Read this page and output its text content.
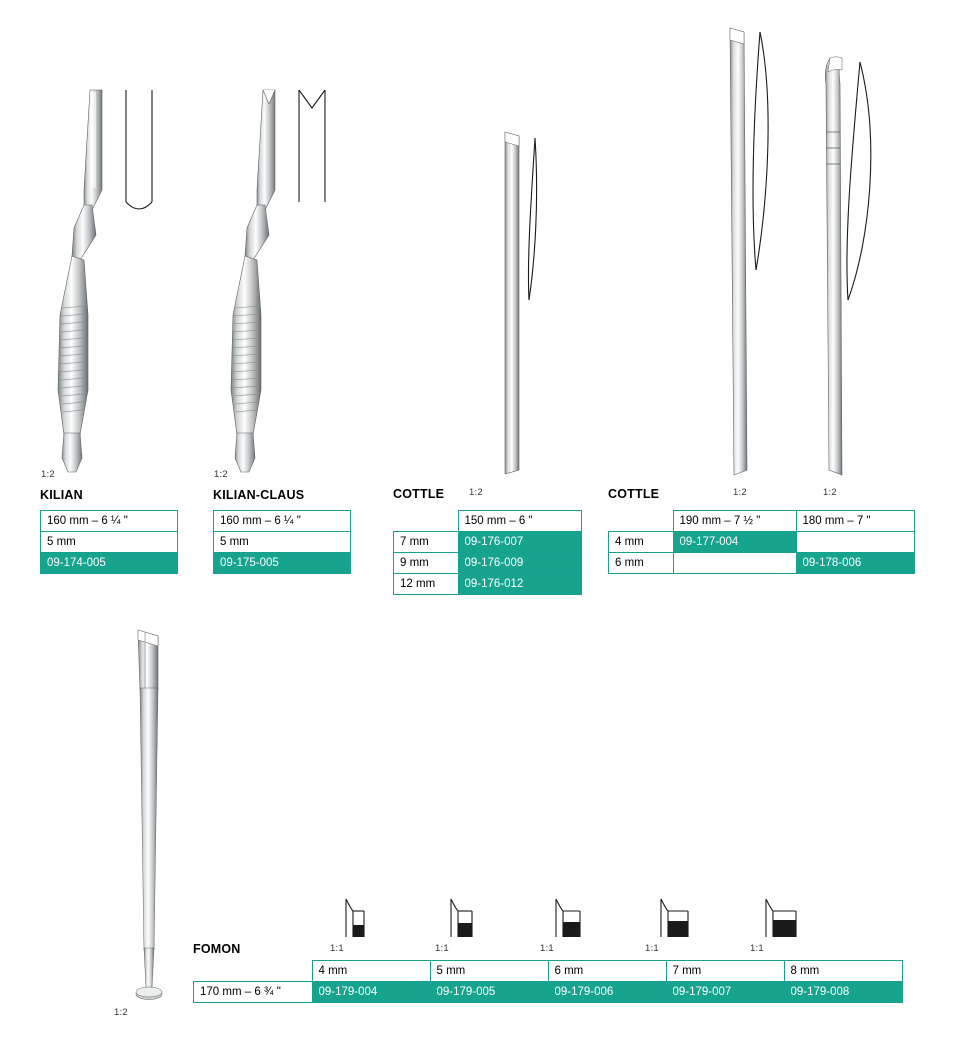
1:2
KILIAN
160 mm – 6 ¼ "
5 mm
09-174-005
1:2
KILIAN-CLAUS
160 mm – 6 ¼ "
5 mm
09-175-005
1:2
COTTLE
	150 mm – 6 "
7 mm	09-176-007
9 mm	09-176-009
12 mm	09-176-012
1:2	1:2
COTTLE
	190 mm – 7 ½ "	180 mm – 7 "
4 mm	09-177-004	
6 mm		09-178-006
1:2
FOMON	1:1	1:1	1:1	1:1	1:1
	4 mm	5 mm	6 mm	7 mm	8 mm
170 mm – 6 ¾ "	09-179-004	09-179-005	09-179-006	09-179-007	09-179-008
